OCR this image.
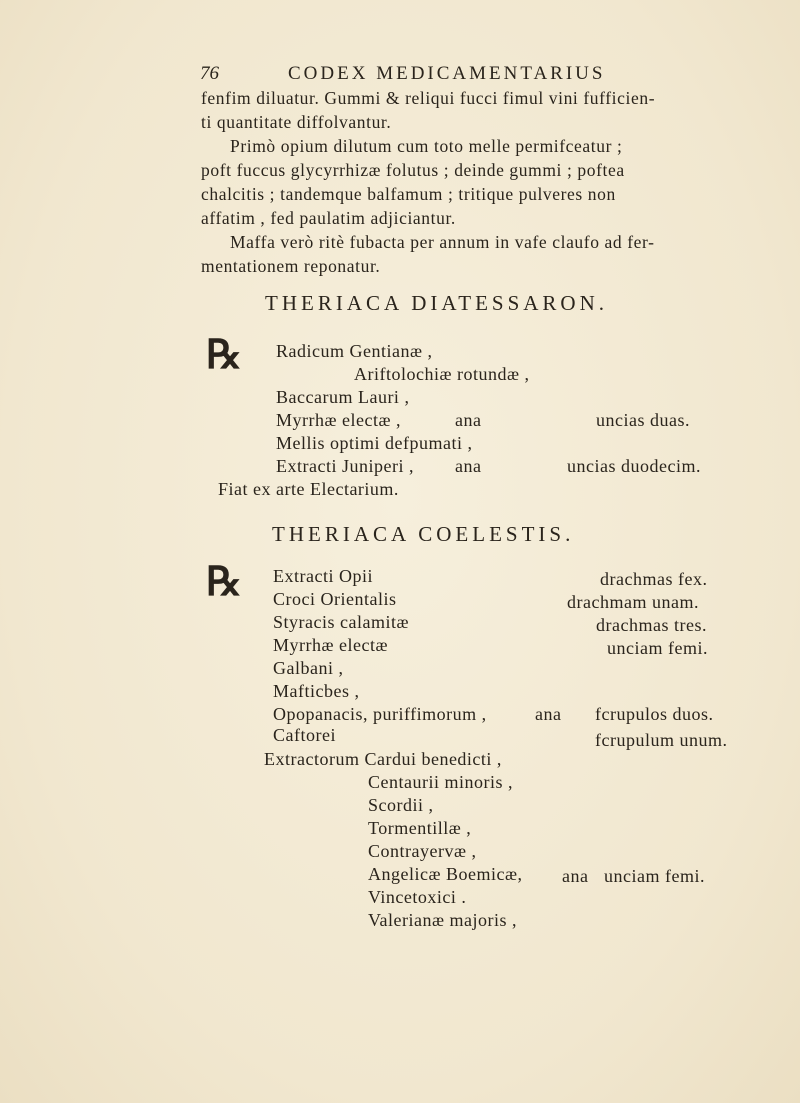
76	CODEX MEDICAMENTARIUS
fenfim diluatur. Gummi & reliqui fucci fimul vini fufficien-
ti quantitate diffolvantur.
Primò opium dilutum cum toto melle permifceatur ;
poft fuccus glycyrrhizæ folutus ; deinde gummi ; poftea
chalcitis ; tandemque balfamum ; tritique pulveres non
affatim , fed paulatim adjiciantur.
Maffa verò ritè fubacta per annum in vafe claufo ad fer-
mentationem reponatur.
THERIACA DIATESSARON.
℞ Radicum Gentianæ ,
Ariftolochiæ rotundæ ,
Baccarum Lauri ,
Myrrhæ electæ ,	ana	uncias duas.
Mellis optimi defpumati ,
Extracti Juniperi , ana	uncias duodecim.
Fiat ex arte Electarium.
THERIACA COELESTIS.
℞ Extracti Opii	drachmas fex.
Croci Orientalis	drachmam unam.
Styracis calamitæ	drachmas tres.
Myrrhæ electæ	unciam femi.
Galbani ,
Mafticbes ,
Opopanacis, puriffimorum ,	ana fcrupulos duos.
Caftorei	fcrupulum unum.
Extractorum Cardui benedicti ,
Centaurii minoris ,
Scordii ,
Tormentillæ ,
Contrayervæ ,
Angelicæ Boemicæ, ana unciam femi.
Vincetoxici .
Valerianæ majoris ,
